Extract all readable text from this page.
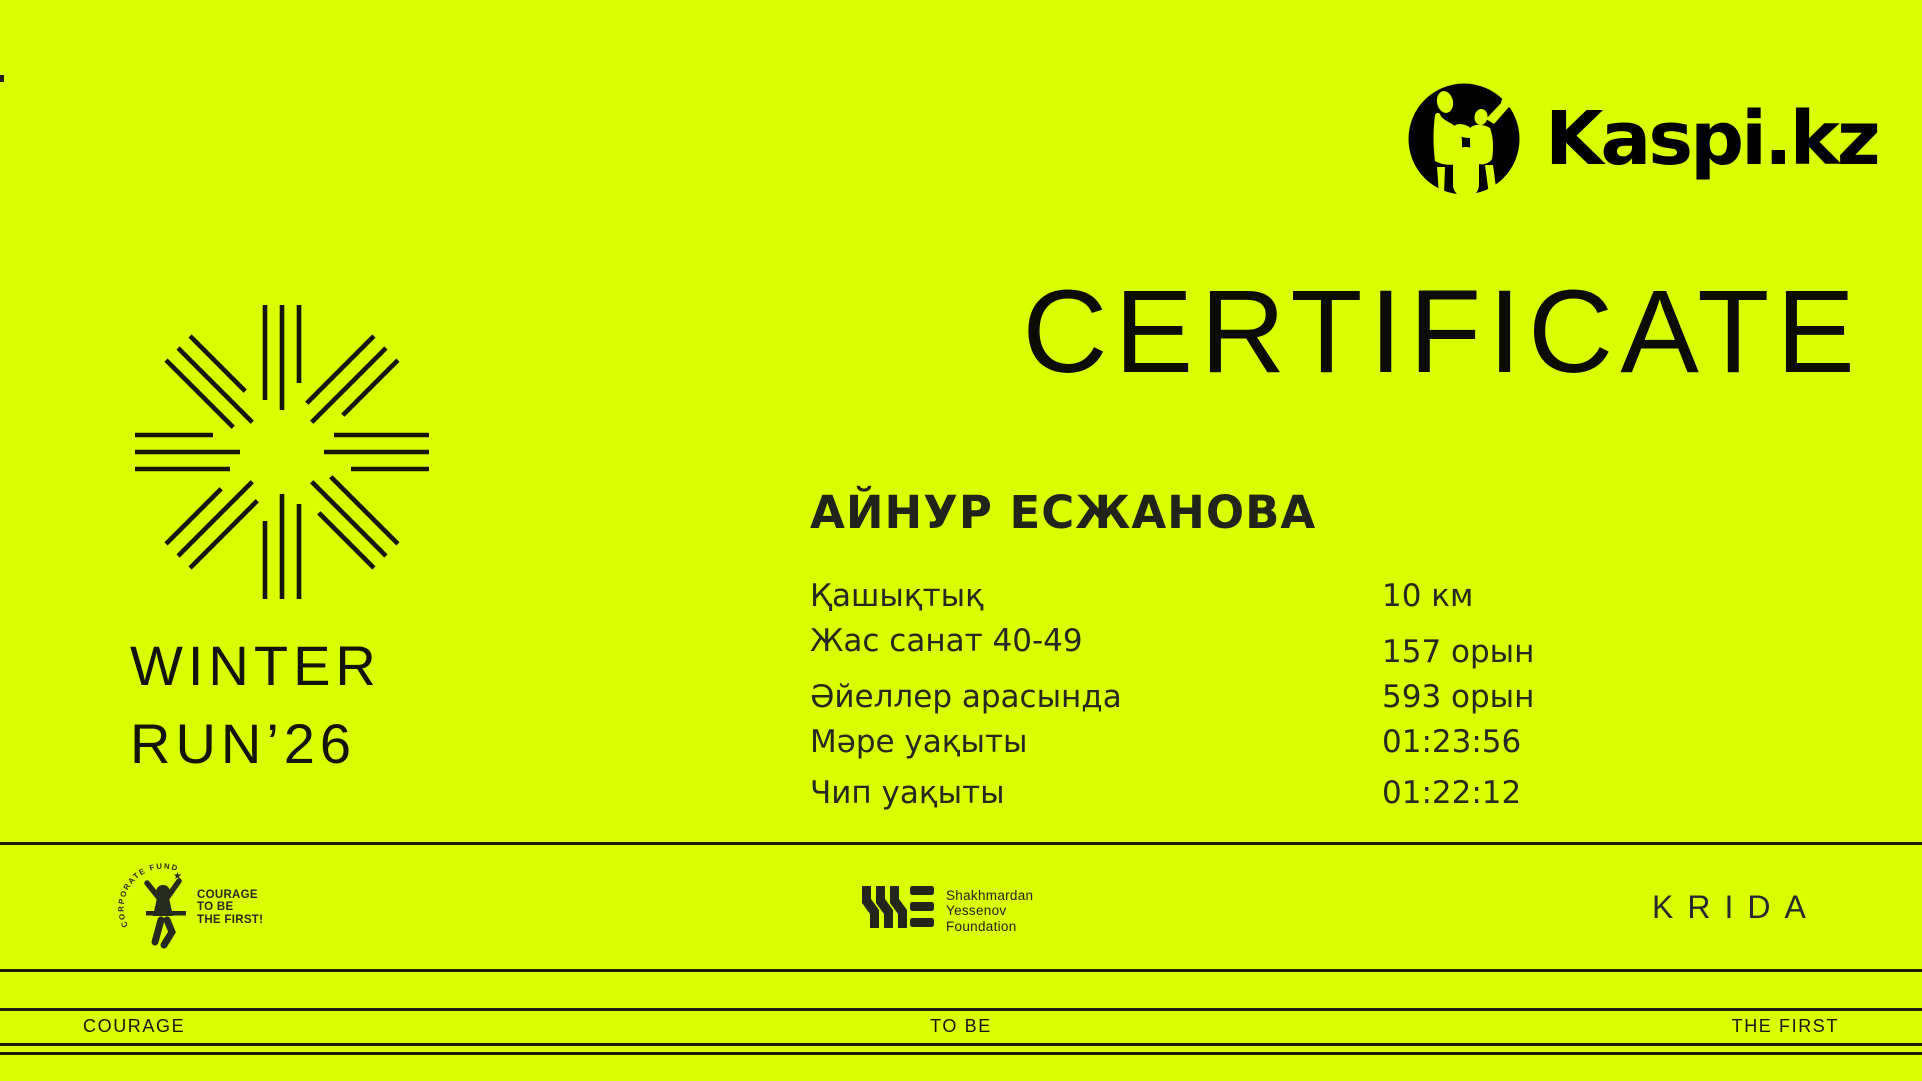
Kaspi.kz
CERTIFICATE
АЙНУР ЕСЖАНОВА
Қашықтық	10 км
Жас санат 40-49	157 орын
Әйеллер арасында	593 орын
Мәре уақыты	01:23:56
Чип уақыты	01:22:12
WINTER
RUN’26
CORPORATE FUND
★
COURAGE
TO BE
THE FIRST!
Shakhmardan
Yessenov
Foundation
KRIDA
COURAGE	TO BE	THE FIRST
